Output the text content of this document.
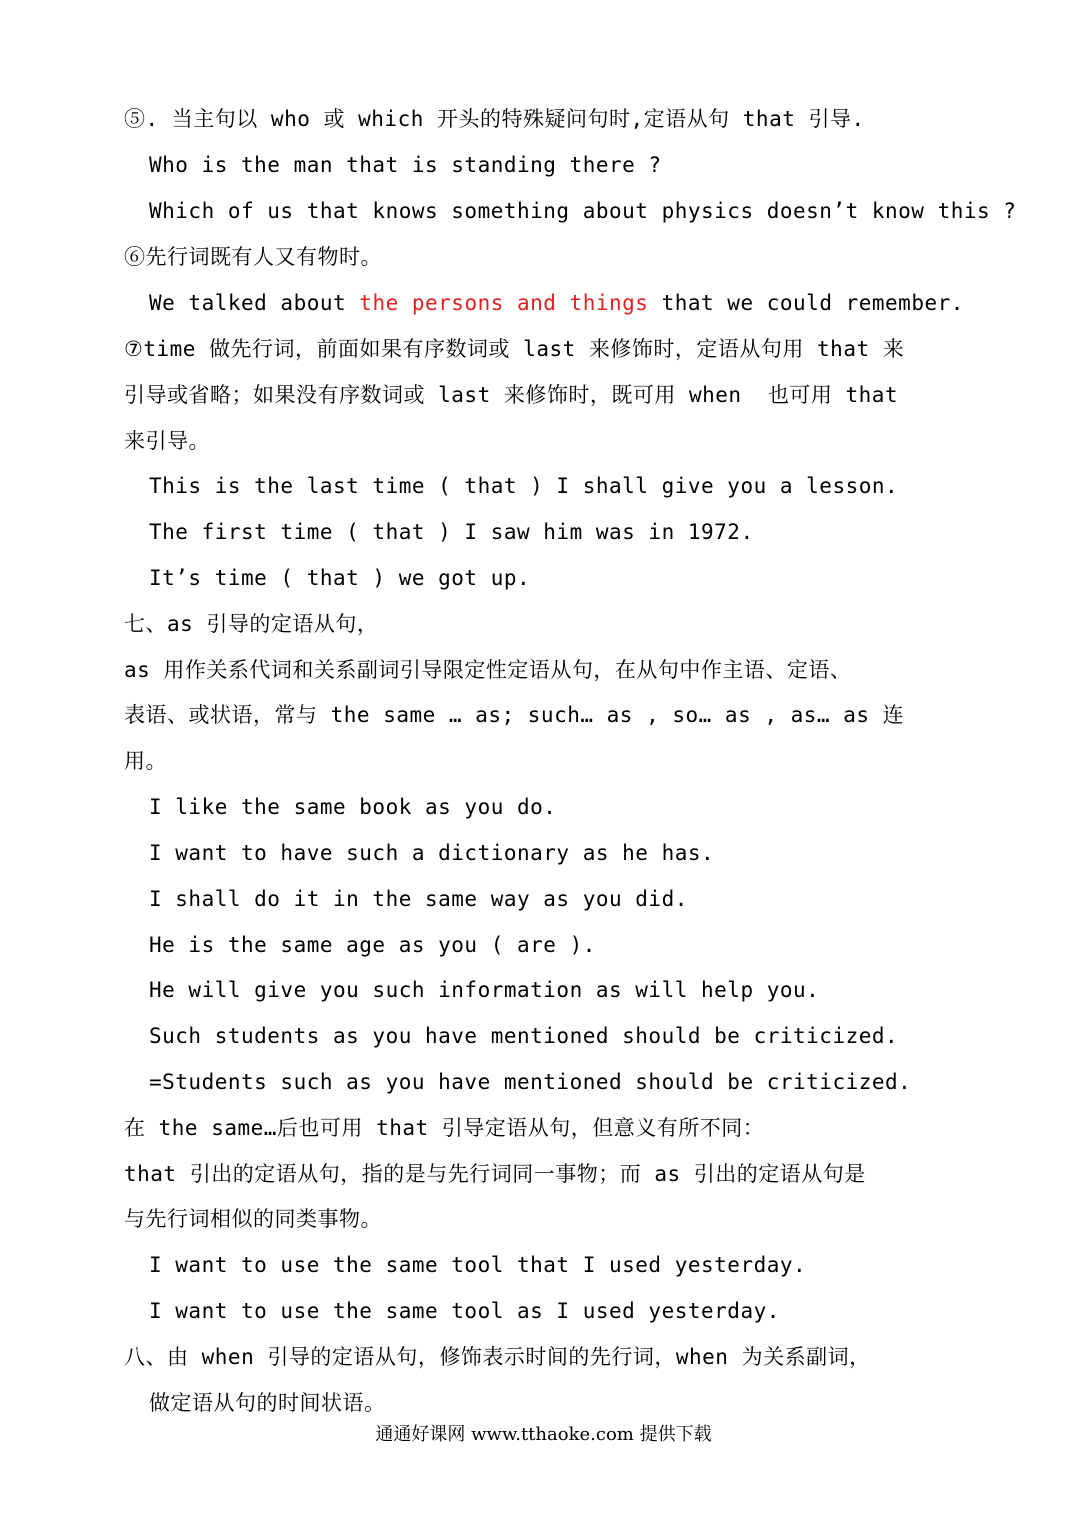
⑤. 当主句以 who 或 which 开头的特殊疑问句时,定语从句 that 引导.
Who is the man that is standing there ?
Which of us that knows something about physics doesn’t know this ?
⑥先行词既有人又有物时。
We talked about the persons and things that we could remember.
⑦time 做先行词，前面如果有序数词或 last 来修饰时，定语从句用 that 来
引导或省略；如果没有序数词或 last 来修饰时，既可用 when  也可用 that
来引导。
This is the last time ( that ) I shall give you a lesson.
The first time ( that ) I saw him was in 1972.
It’s time ( that ) we got up.
七、as 引导的定语从句，
as 用作关系代词和关系副词引导限定性定语从句，在从句中作主语、定语、
表语、或状语，常与 the same … as; such… as , so… as , as… as 连
用。
I like the same book as you do.
I want to have such a dictionary as he has.
I shall do it in the same way as you did.
He is the same age as you ( are ).
He will give you such information as will help you.
Such students as you have mentioned should be criticized.
=Students such as you have mentioned should be criticized.
在 the same…后也可用 that 引导定语从句，但意义有所不同：
that 引出的定语从句，指的是与先行词同一事物；而 as 引出的定语从句是
与先行词相似的同类事物。
I want to use the same tool that I used yesterday.
I want to use the same tool as I used yesterday.
八、由 when 引导的定语从句，修饰表示时间的先行词，when 为关系副词，
做定语从句的时间状语。
通通好课网 www.tthaoke.com 提供下载
